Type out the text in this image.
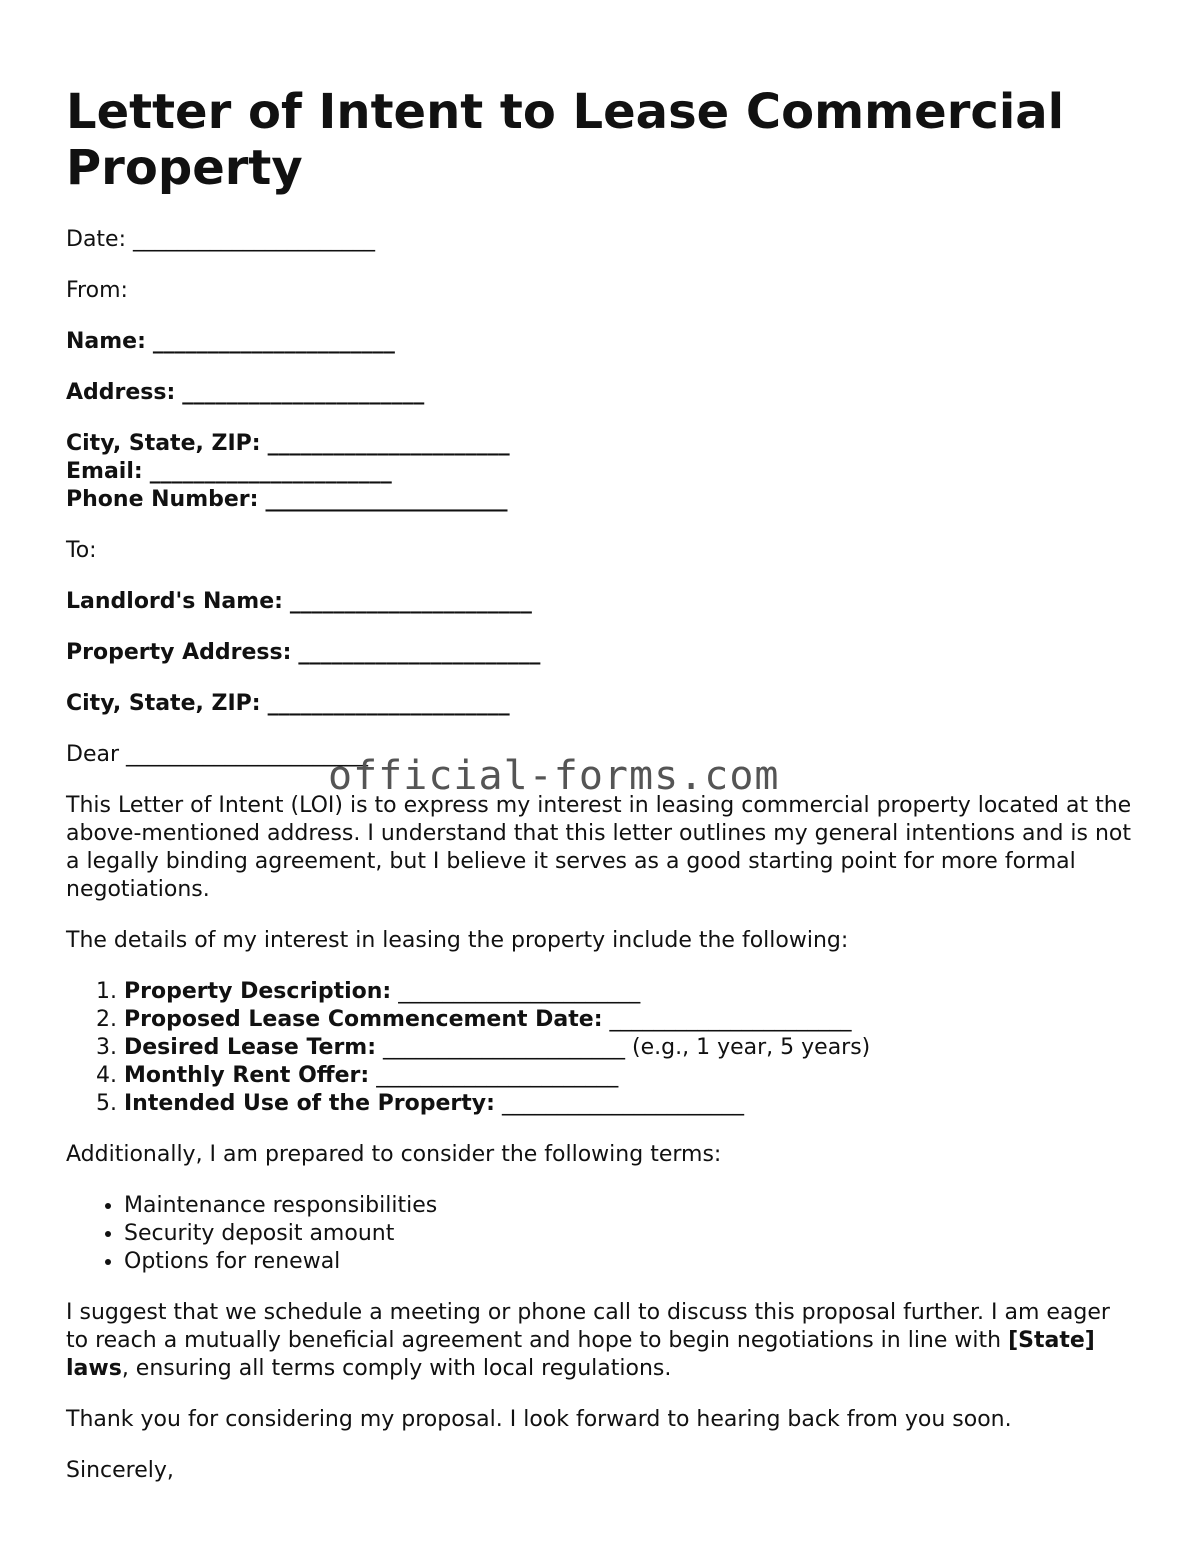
Letter of Intent to Lease Commercial Property

Date: ______________________

From:

Name: ______________________

Address: ______________________

City, State, ZIP: ______________________
Email: ______________________
Phone Number: ______________________

To:

Landlord's Name: ______________________

Property Address: ______________________

City, State, ZIP: ______________________

Dear ______________________

This Letter of Intent (LOI) is to express my interest in leasing commercial property located at the above-mentioned address. I understand that this letter outlines my general intentions and is not a legally binding agreement, but I believe it serves as a good starting point for more formal negotiations.

The details of my interest in leasing the property include the following:

1. Property Description: ______________________
2. Proposed Lease Commencement Date: ______________________
3. Desired Lease Term: ______________________ (e.g., 1 year, 5 years)
4. Monthly Rent Offer: ______________________
5. Intended Use of the Property: ______________________

Additionally, I am prepared to consider the following terms:

• Maintenance responsibilities
• Security deposit amount
• Options for renewal

I suggest that we schedule a meeting or phone call to discuss this proposal further. I am eager to reach a mutually beneficial agreement and hope to begin negotiations in line with [State] laws, ensuring all terms comply with local regulations.

Thank you for considering my proposal. I look forward to hearing back from you soon.

Sincerely,

official-forms.com
